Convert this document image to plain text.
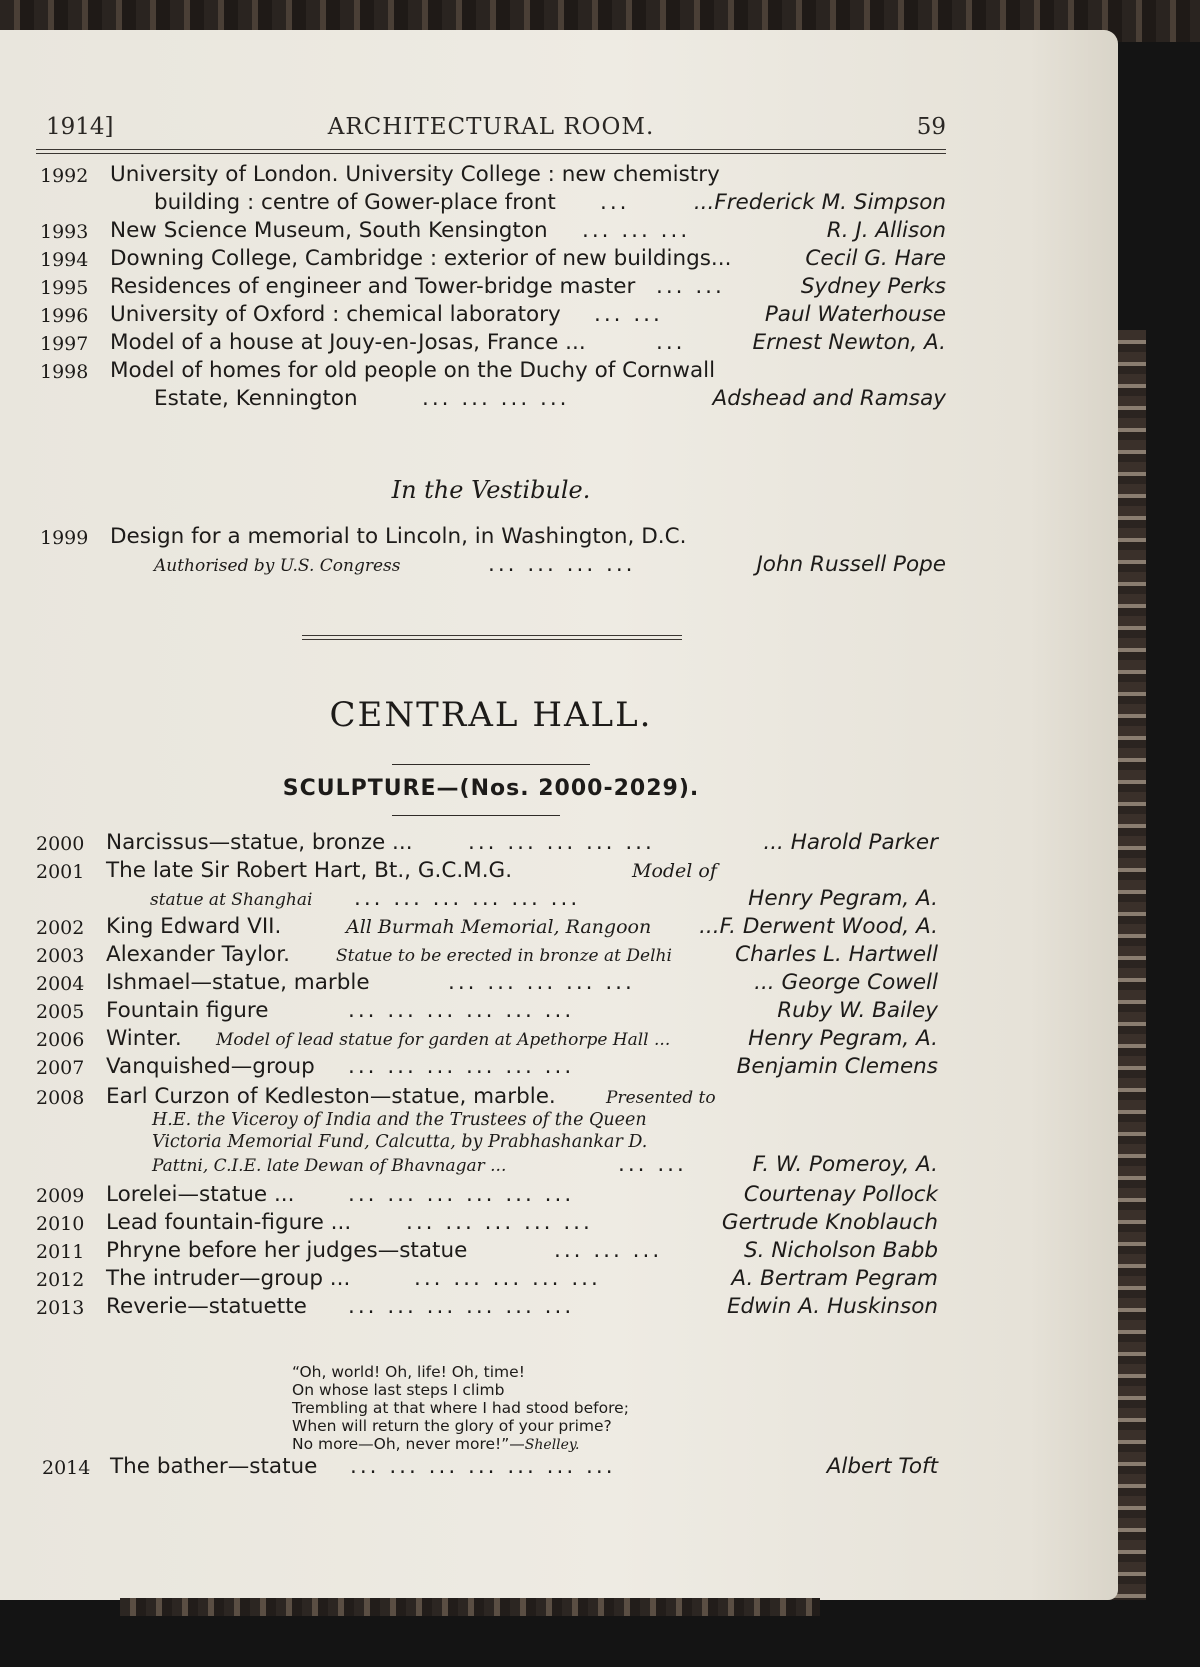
1914]	ARCHITECTURAL ROOM.	59
1992 University of London. University College : new chemistry
building : centre of Gower-place front ...	...Frederick M. Simpson
1993 New Science Museum, South Kensington ... ... ...	R. J. Allison
1994 Downing College, Cambridge : exterior of new buildings...	Cecil G. Hare
1995 Residences of engineer and Tower-bridge master ... ...	Sydney Perks
1996 University of Oxford : chemical laboratory ... ...	Paul Waterhouse
1997 Model of a house at Jouy-en-Josas, France ...	...	Ernest Newton, A.
1998 Model of homes for old people on the Duchy of Cornwall
Estate, Kennington	... ... ... ...	Adshead and Ramsay
In the Vestibule.
1999 Design for a memorial to Lincoln, in Washington, D.C.
Authorised by U.S. Congress	... ... ... ...	John Russell Pope
CENTRAL HALL.
SCULPTURE—(Nos. 2000-2029).
2000 Narcissus—statue, bronze ...	... ... ... ... ...	... Harold Parker
2001 The late Sir Robert Hart, Bt., G.C.M.G.	Model of
statue at Shanghai ... ... ... ... ... ...	Henry Pegram, A.
2002 King Edward VII.	All Burmah Memorial, Rangoon ...F. Derwent Wood, A.
2003 Alexander Taylor.	Statue to be erected in bronze at Delhi	Charles L. Hartwell
2004 Ishmael—statue, marble	... ... ... ... ...	... George Cowell
2005 Fountain figure	... ... ... ... ... ...	Ruby W. Bailey
2006 Winter. Model of lead statue for garden at Apethorpe Hall ...	Henry Pegram, A.
2007 Vanquished—group ... ... ... ... ... ...	Benjamin Clemens
2008 Earl Curzon of Kedleston—statue, marble.	Presented to
H.E. the Viceroy of India and the Trustees of the Queen
Victoria Memorial Fund, Calcutta, by Prabhashankar D.
Pattni, C.I.E. late Dewan of Bhavnagar ...	... ...	F. W. Pomeroy, A.
2009 Lorelei—statue ... ... ... ... ... ... ...	Courtenay Pollock
2010 Lead fountain-figure ...	... ... ... ... ...	Gertrude Knoblauch
2011 Phryne before her judges—statue	... ... ...	S. Nicholson Babb
2012 The intruder—group ...	... ... ... ... ...	A. Bertram Pegram
2013 Reverie—statuette ... ... ... ... ... ...	Edwin A. Huskinson
“Oh, world! Oh, life! Oh, time!
On whose last steps I climb
Trembling at that where I had stood before;
When will return the glory of your prime?
No more—Oh, never more!”—Shelley.
2014 The bather—statue ... ... ... ... ... ... ...	Albert Toft
